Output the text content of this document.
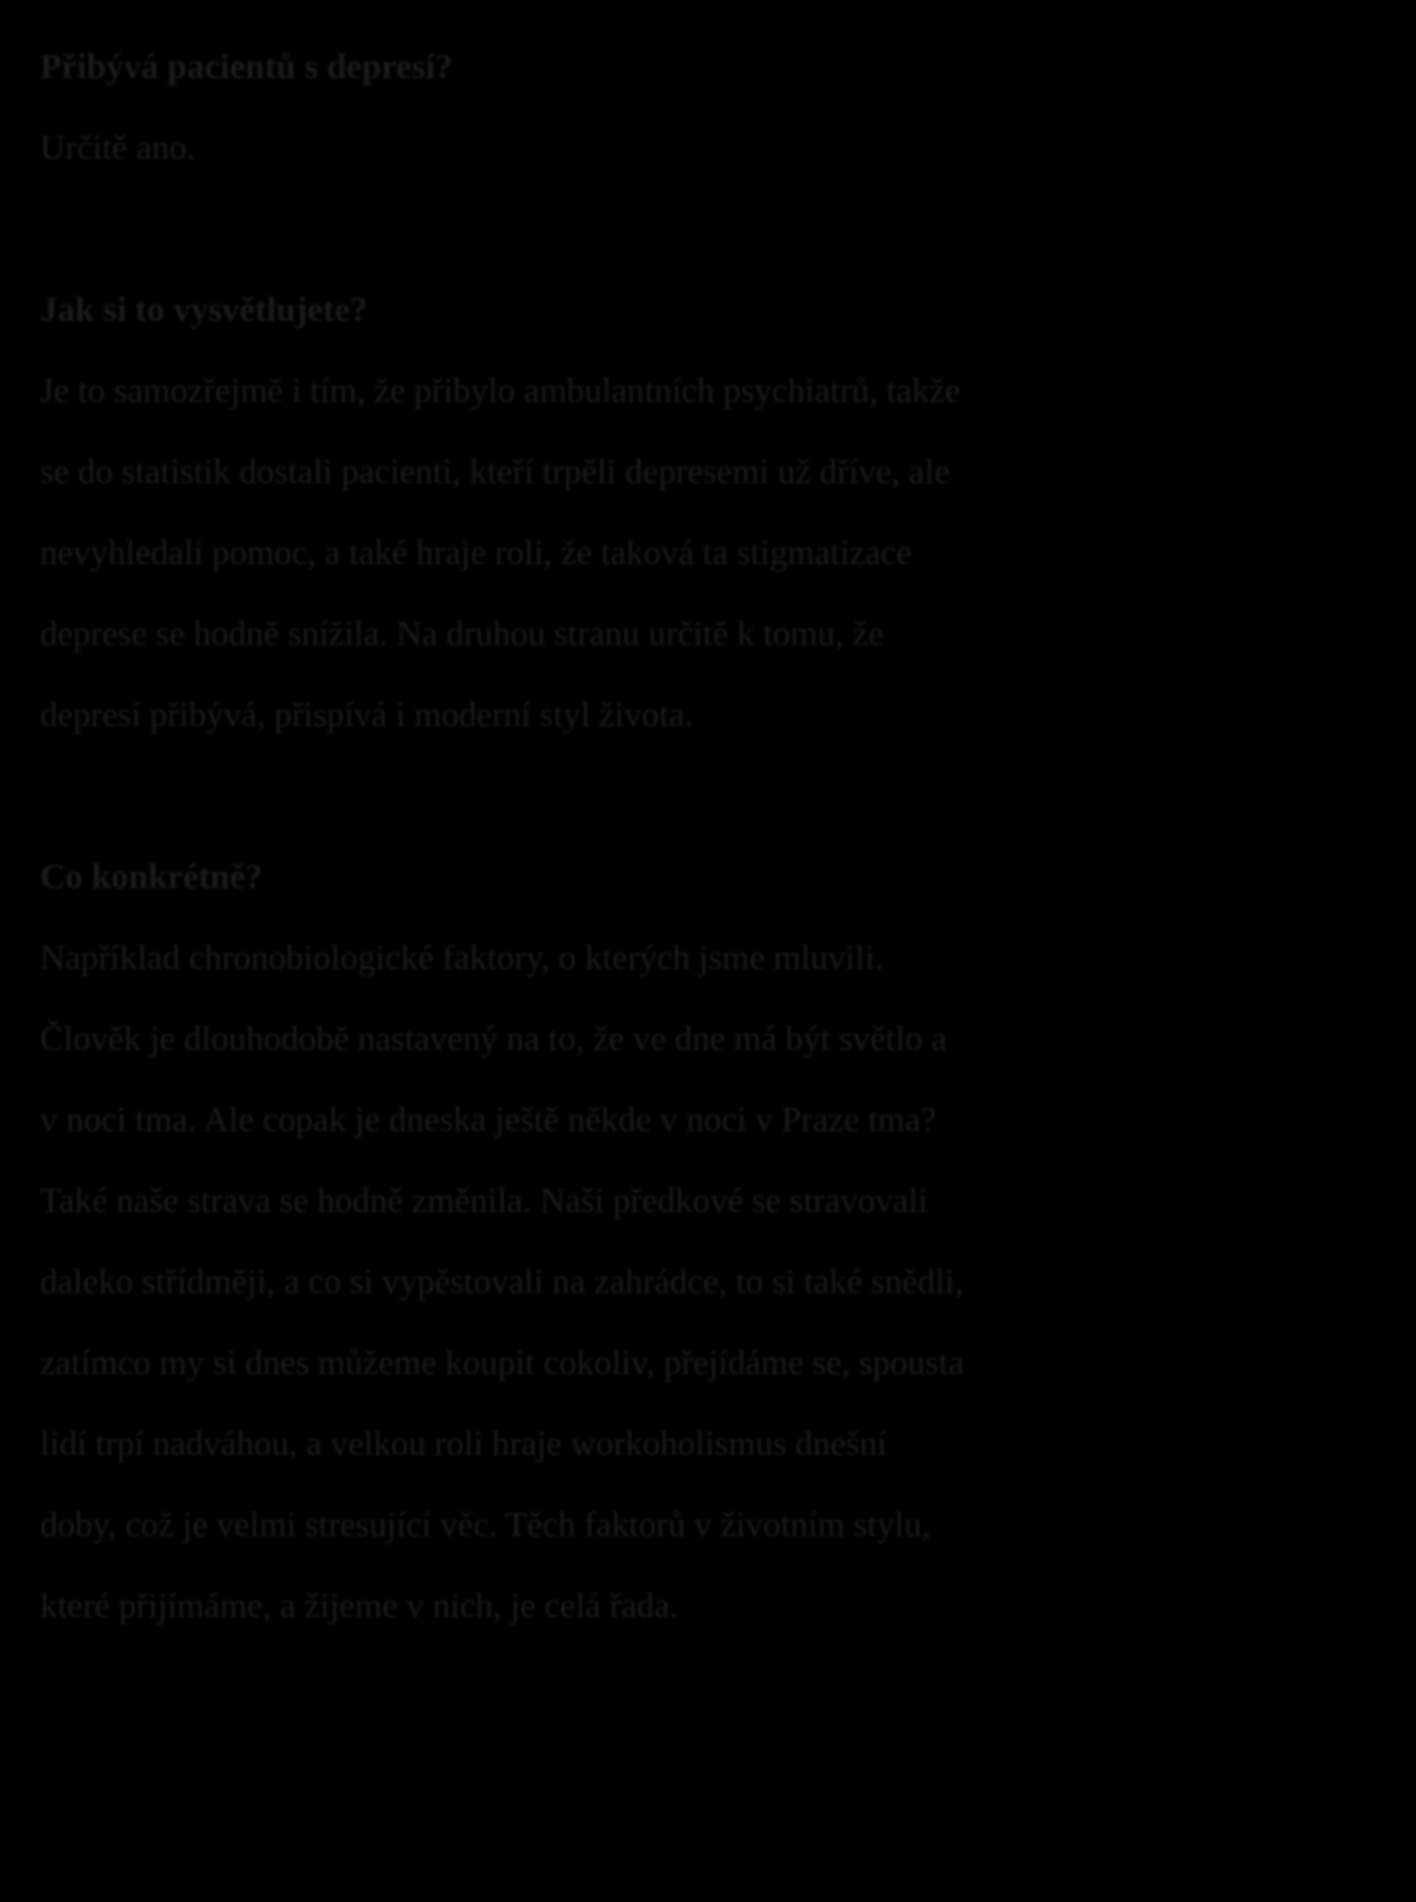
Přibývá pacientů s depresí?

Určitě ano.

Jak si to vysvětlujete?

Je to samozřejmě i tím, že přibylo ambulantních psychiatrů, takže

se do statistik dostali pacienti, kteří trpěli depresemi už dříve, ale

nevyhledali pomoc, a také hraje roli, že taková ta stigmatizace

deprese se hodně snížila. Na druhou stranu určitě k tomu, že

depresí přibývá, přispívá i moderní styl života.

Co konkrétně?

Například chronobiologické faktory, o kterých jsme mluvili.

Člověk je dlouhodobě nastavený na to, že ve dne má být světlo a

v noci tma. Ale copak je dneska ještě někde v noci v Praze tma?

Také naše strava se hodně změnila. Naši předkové se stravovali

daleko střídměji, a co si vypěstovali na zahrádce, to si také snědli,

zatímco my si dnes můžeme koupit cokoliv, přejídáme se, spousta

lidí trpí nadváhou, a velkou roli hraje workoholismus dnešní

doby, což je velmi stresující věc. Těch faktorů v životním stylu,

které přijímáme, a žijeme v nich, je celá řada.
